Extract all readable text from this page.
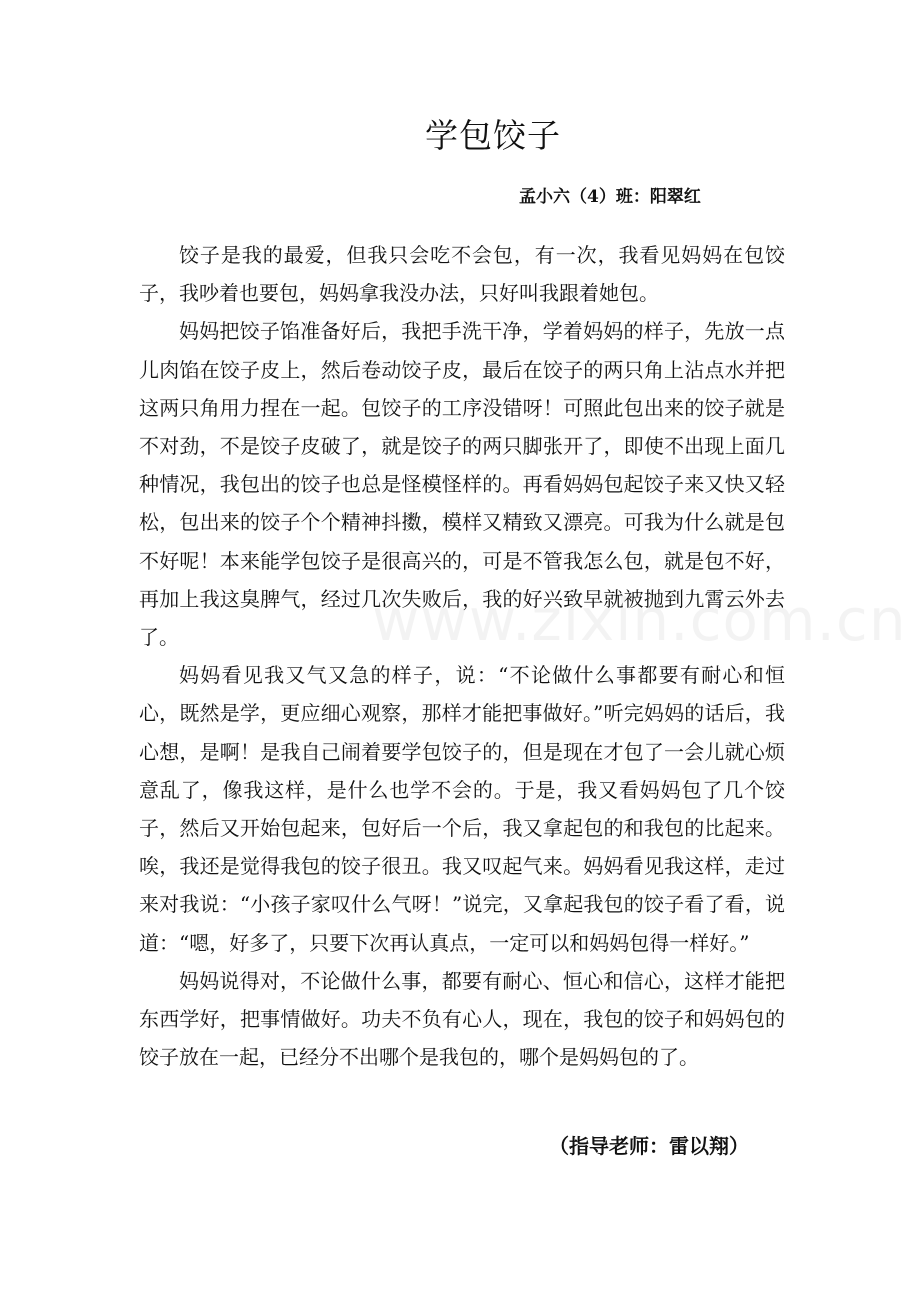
学包饺子
孟小六（4）班：阳翠红

饺子是我的最爱，但我只会吃不会包，有一次，我看见妈妈在包饺子，我吵着也要包，妈妈拿我没办法，只好叫我跟着她包。

妈妈把饺子馅准备好后，我把手洗干净，学着妈妈的样子，先放一点儿肉馅在饺子皮上，然后卷动饺子皮，最后在饺子的两只角上沾点水并把这两只角用力捏在一起。包饺子的工序没错呀！可照此包出来的饺子就是不对劲，不是饺子皮破了，就是饺子的两只脚张开了，即使不出现上面几种情况，我包出的饺子也总是怪模怪样的。再看妈妈包起饺子来又快又轻松，包出来的饺子个个精神抖擞，模样又精致又漂亮。可我为什么就是包不好呢！本来能学包饺子是很高兴的，可是不管我怎么包，就是包不好，再加上我这臭脾气，经过几次失败后，我的好兴致早就被抛到九霄云外去了。

妈妈看见我又气又急的样子，说：“不论做什么事都要有耐心和恒心，既然是学，更应细心观察，那样才能把事做好。”听完妈妈的话后，我心想，是啊！是我自己闹着要学包饺子的，但是现在才包了一会儿就心烦意乱了，像我这样，是什么也学不会的。于是，我又看妈妈包了几个饺子，然后又开始包起来，包好后一个后，我又拿起包的和我包的比起来。唉，我还是觉得我包的饺子很丑。我又叹起气来。妈妈看见我这样，走过来对我说：“小孩子家叹什么气呀！”说完，又拿起我包的饺子看了看，说道：“嗯，好多了，只要下次再认真点，一定可以和妈妈包得一样好。”

妈妈说得对，不论做什么事，都要有耐心、恒心和信心，这样才能把东西学好，把事情做好。功夫不负有心人，现在，我包的饺子和妈妈包的饺子放在一起，已经分不出哪个是我包的，哪个是妈妈包的了。

（指导老师：雷以翔）
